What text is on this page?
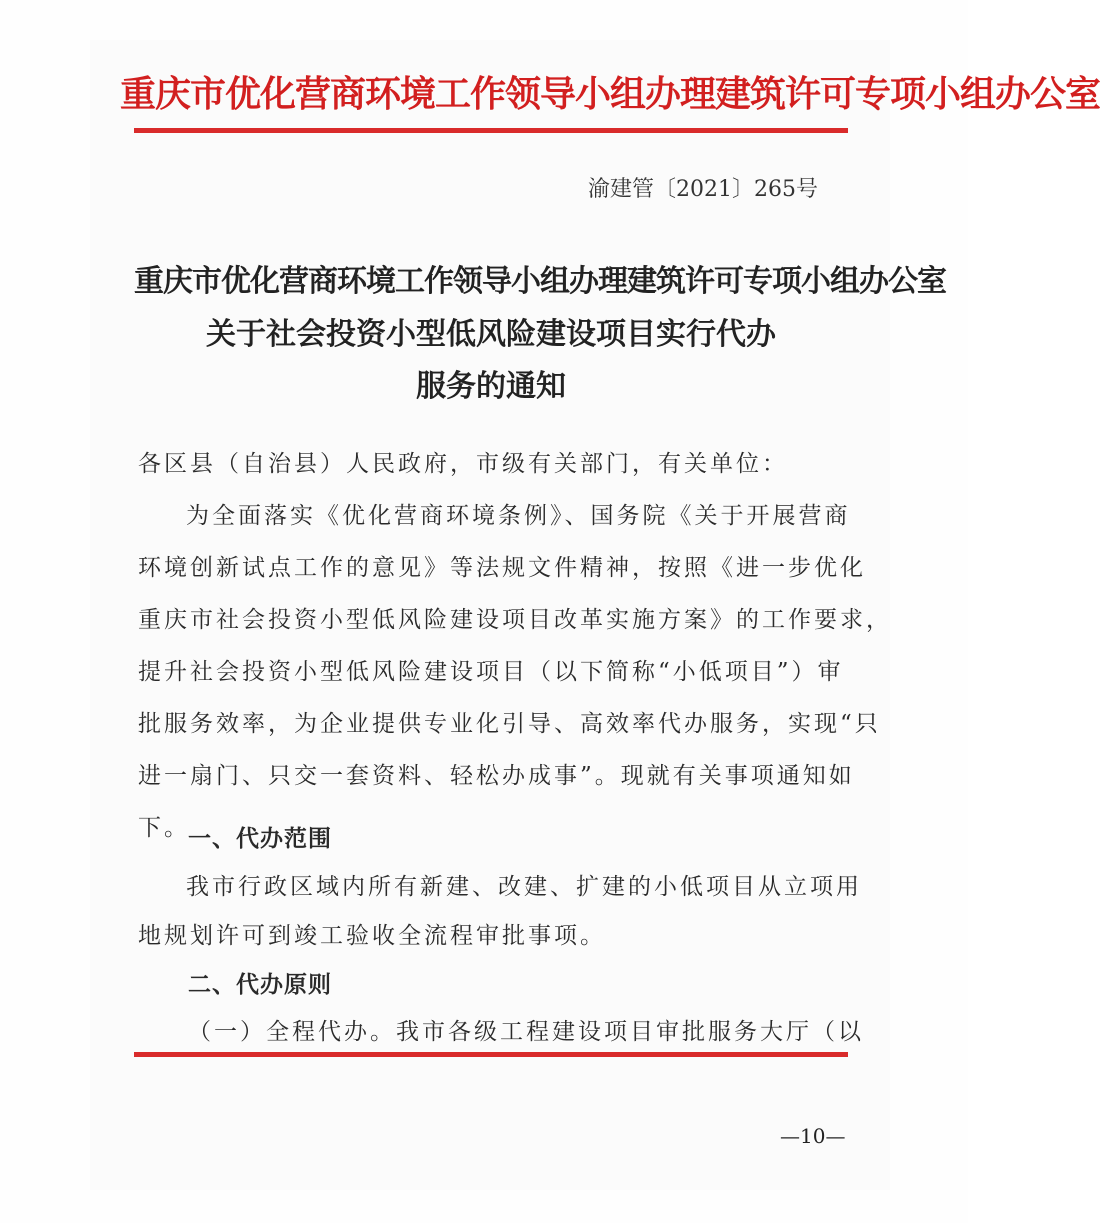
重庆市优化营商环境工作领导小组办理建筑许可专项小组办公室
渝建管〔2021〕265号
重庆市优化营商环境工作领导小组办理建筑许可专项小组办公室
关于社会投资小型低风险建设项目实行代办
服务的通知
各区县（自治县）人民政府，市级有关部门，有关单位：
为全面落实《优化营商环境条例》、国务院《关于开展营商
环境创新试点工作的意见》等法规文件精神，按照《进一步优化
重庆市社会投资小型低风险建设项目改革实施方案》的工作要求，
提升社会投资小型低风险建设项目（以下简称“小低项目”）审
批服务效率，为企业提供专业化引导、高效率代办服务，实现“只
进一扇门、只交一套资料、轻松办成事”。现就有关事项通知如
下。
一、代办范围
我市行政区域内所有新建、改建、扩建的小低项目从立项用
地规划许可到竣工验收全流程审批事项。
二、代办原则
—10—
（一）全程代办。我市各级工程建设项目审批服务大厅（以
